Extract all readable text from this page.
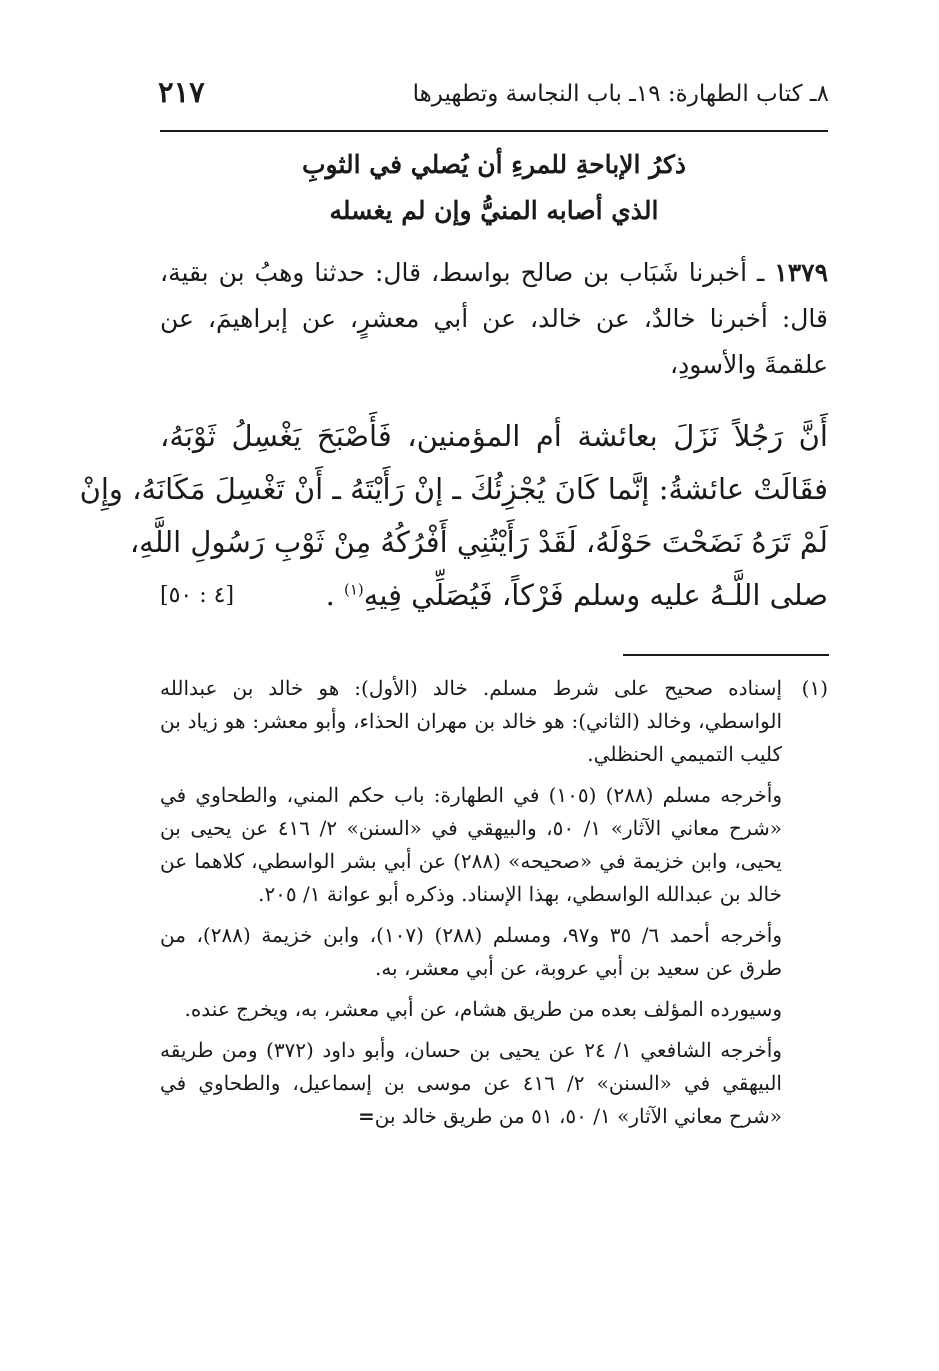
٨ـ كتاب الطهارة: ١٩ـ باب النجاسة وتطهيرها
٢١٧
ذكرُ الإباحةِ للمرءِ أن يُصلي في الثوبِ
الذي أصابه المنيُّ وإن لم يغسله
١٣٧٩ ـ أخبرنا شَبَاب بن صالح بواسط، قال: حدثنا وهبُ بن بقية، قال: أخبرنا خالدٌ، عن خالد، عن أبي معشرٍ، عن إبراهيمَ، عن علقمةَ والأسودِ،
أَنَّ رَجُلاً نَزَلَ بعائشة أم المؤمنين، فَأَصْبَحَ يَغْسِلُ ثَوْبَهُ،
فقَالَتْ عائشةُ: إنَّما كَانَ يُجْزِئُكَ ـ إنْ رَأَيْتَهُ ـ أَنْ تَغْسِلَ مَكَانَهُ، وإِنْ
لَمْ تَرَهُ نَضَحْتَ حَوْلَهُ، لَقَدْ رَأَيْتُنِي أَفْرُكُهُ مِنْ ثَوْبِ رَسُولِ اللَّهِ،
صلى اللَّـهُ عليه وسلم فَرْكاً، فَيُصَلِّي فِيهِ$^{(١)}$ .
[٤ : ٥٠]
(١)
إسناده صحيح على شرط مسلم. خالد (الأول): هو خالد بن عبدالله الواسطي، وخالد (الثاني): هو خالد بن مهران الحذاء، وأبو معشر: هو زياد بن كليب التميمي الحنظلي.

وأخرجه مسلم (٢٨٨) (١٠٥) في الطهارة: باب حكم المني، والطحاوي في «شرح معاني الآثار» ١/ ٥٠، والبيهقي في «السنن» ٢/ ٤١٦ عن يحيى بن يحيى، وابن خزيمة في «صحيحه» (٢٨٨) عن أبي بشر الواسطي، كلاهما عن خالد بن عبدالله الواسطي، بهذا الإسناد. وذكره أبو عوانة ١/ ٢٠٥.

وأخرجه أحمد ٦/ ٣٥ و٩٧، ومسلم (٢٨٨) (١٠٧)، وابن خزيمة (٢٨٨)، من طرق عن سعيد بن أبي عروبة، عن أبي معشر، به.

وسيورده المؤلف بعده من طريق هشام، عن أبي معشر، به، ويخرج عنده.

وأخرجه الشافعي ١/ ٢٤ عن يحيى بن حسان، وأبو داود (٣٧٢) ومن طريقه البيهقي في «السنن» ٢/ ٤١٦ عن موسى بن إسماعيل، والطحاوي في «شرح معاني الآثار» ١/ ٥٠، ٥١ من طريق خالد بن=
